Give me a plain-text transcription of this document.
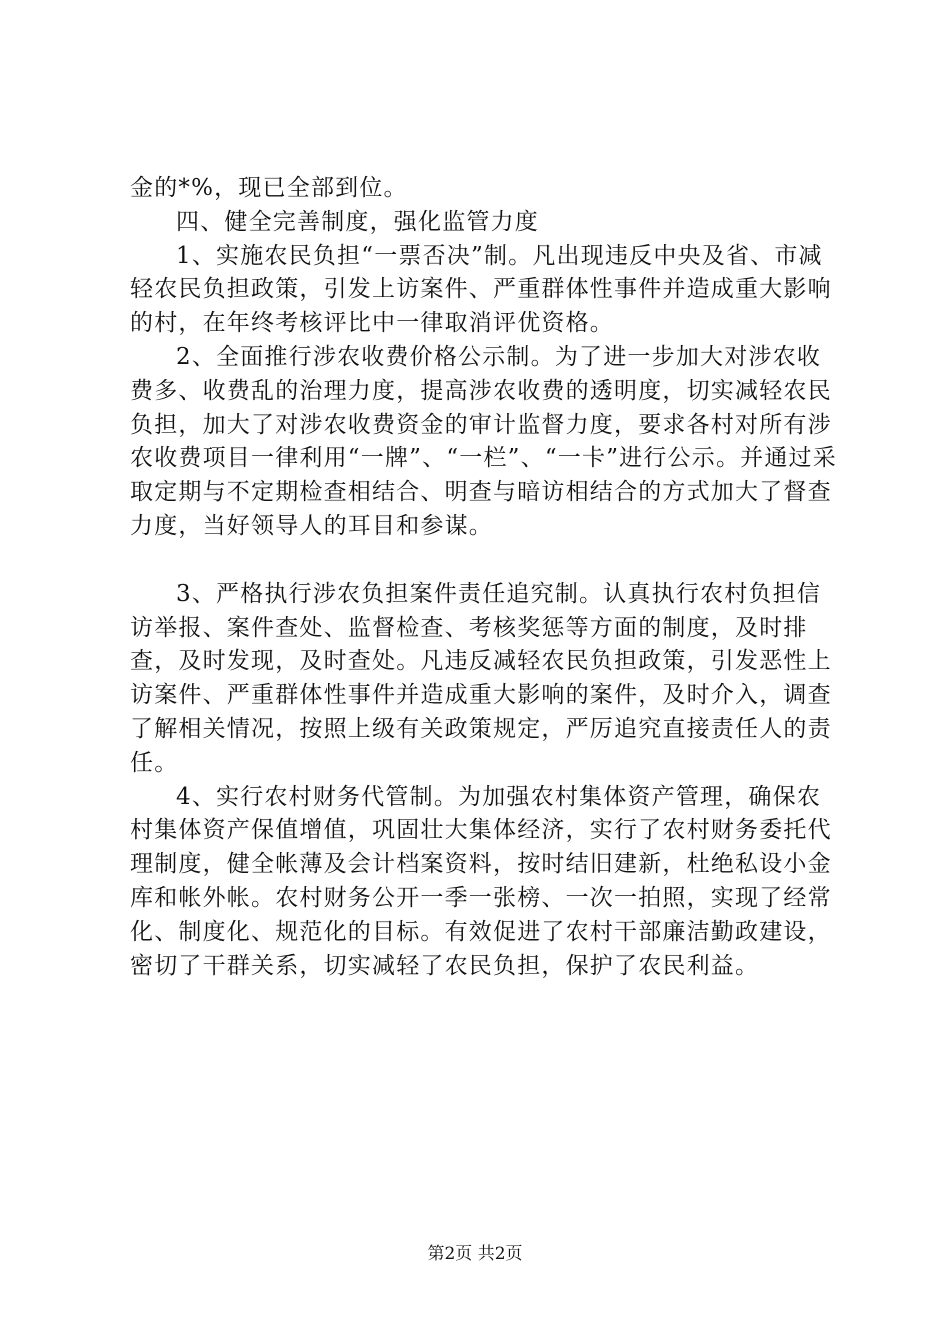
金的*%，现已全部到位。

四、健全完善制度，强化监管力度

1、实施农民负担“一票否决”制。凡出现违反中央及省、市减轻农民负担政策，引发上访案件、严重群体性事件并造成重大影响的村，在年终考核评比中一律取消评优资格。

2、全面推行涉农收费价格公示制。为了进一步加大对涉农收费多、收费乱的治理力度，提高涉农收费的透明度，切实减轻农民负担，加大了对涉农收费资金的审计监督力度，要求各村对所有涉农收费项目一律利用“一牌”、“一栏”、“一卡”进行公示。并通过采取定期与不定期检查相结合、明查与暗访相结合的方式加大了督查力度，当好领导人的耳目和参谋。

3、严格执行涉农负担案件责任追究制。认真执行农村负担信访举报、案件查处、监督检查、考核奖惩等方面的制度，及时排查，及时发现，及时查处。凡违反减轻农民负担政策，引发恶性上访案件、严重群体性事件并造成重大影响的案件，及时介入，调查了解相关情况，按照上级有关政策规定，严厉追究直接责任人的责任。

4、实行农村财务代管制。为加强农村集体资产管理，确保农村集体资产保值增值，巩固壮大集体经济，实行了农村财务委托代理制度，健全帐薄及会计档案资料，按时结旧建新，杜绝私设小金库和帐外帐。农村财务公开一季一张榜、一次一拍照，实现了经常化、制度化、规范化的目标。有效促进了农村干部廉洁勤政建设，密切了干群关系，切实减轻了农民负担，保护了农民利益。

第2页 共2页
